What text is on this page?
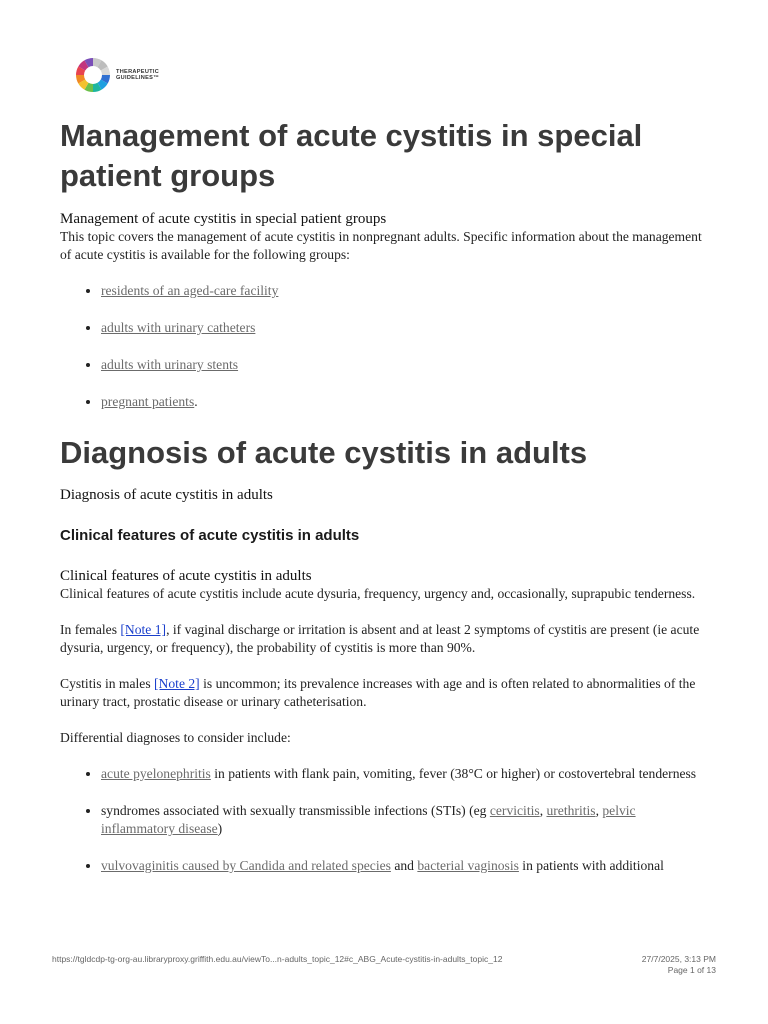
THERAPEUTIC
GUIDELINES™
Management of acute cystitis in special patient groups
Management of acute cystitis in special patient groups

This topic covers the management of acute cystitis in nonpregnant adults. Specific information about the management of acute cystitis is available for the following groups:

• residents of an aged-care facility
• adults with urinary catheters
• adults with urinary stents
• pregnant patients.
Diagnosis of acute cystitis in adults
Diagnosis of acute cystitis in adults
Clinical features of acute cystitis in adults
Clinical features of acute cystitis in adults

Clinical features of acute cystitis include acute dysuria, frequency, urgency and, occasionally, suprapubic tenderness.

In females [Note 1], if vaginal discharge or irritation is absent and at least 2 symptoms of cystitis are present (ie acute dysuria, urgency, or frequency), the probability of cystitis is more than 90%.

Cystitis in males [Note 2] is uncommon; its prevalence increases with age and is often related to abnormalities of the urinary tract, prostatic disease or urinary catheterisation.

Differential diagnoses to consider include:

• acute pyelonephritis in patients with flank pain, vomiting, fever (38°C or higher) or costovertebral tenderness
• syndromes associated with sexually transmissible infections (STIs) (eg cervicitis, urethritis, pelvic inflammatory disease)
• vulvovaginitis caused by Candida and related species and bacterial vaginosis in patients with additional
https://tgldcdp-tg-org-au.libraryproxy.griffith.edu.au/viewTo...n-adults_topic_12#c_ABG_Acute-cystitis-in-adults_topic_12	27/7/2025, 3:13 PM
Page 1 of 13
